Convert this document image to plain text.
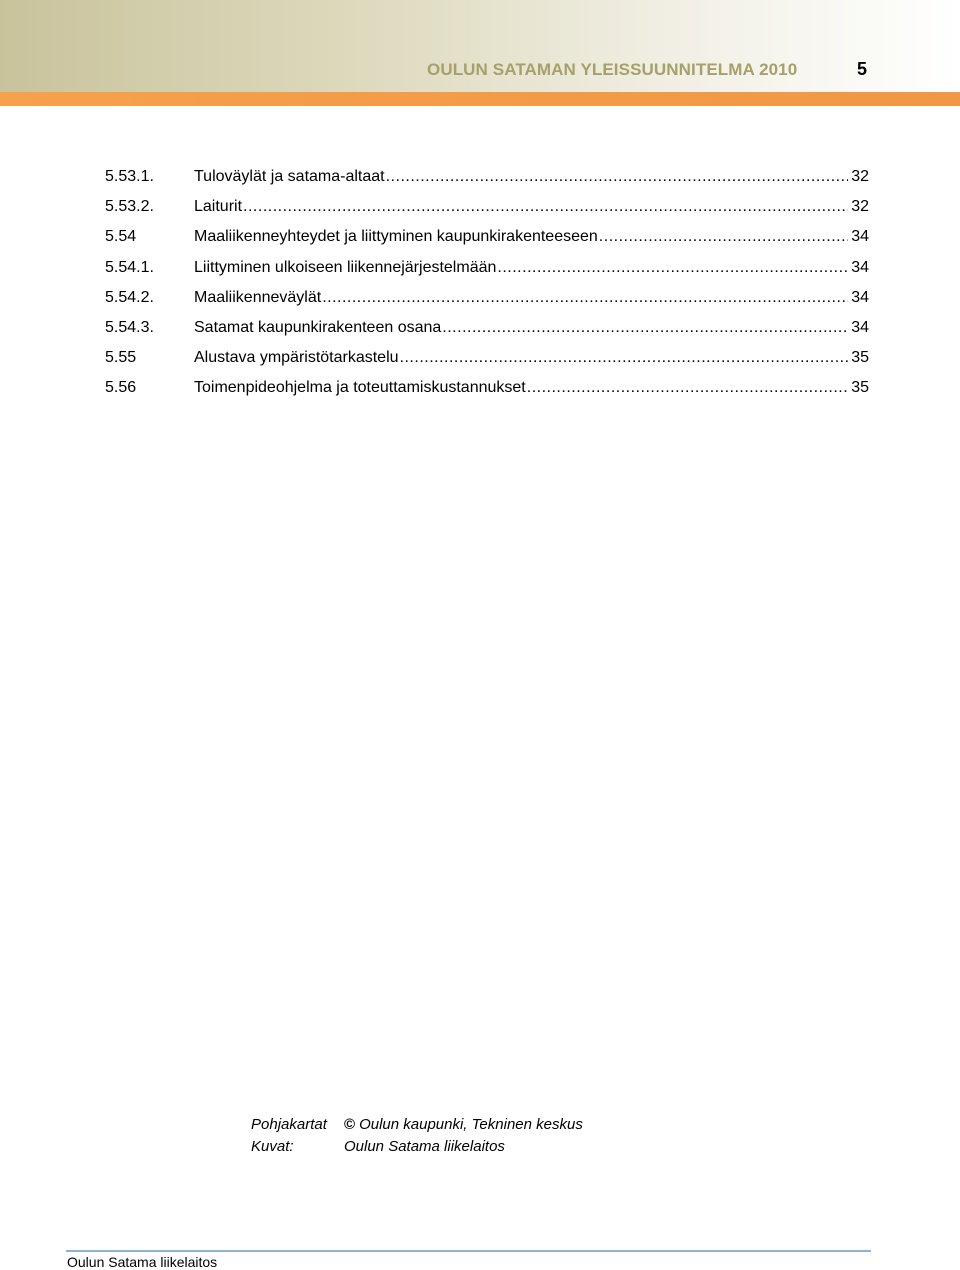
OULUN SATAMAN YLEISSUUNNITELMA 2010	5
5.53.1.	Tuloväylät ja satama-altaat .....	32
5.53.2.	Laiturit .....	32
5.54	Maaliikenneyhteydet ja liittyminen kaupunkirakenteeseen .....	34
5.54.1.	Liittyminen ulkoiseen liikennejärjestelmään .....	34
5.54.2.	Maaliikenneväylät .....	34
5.54.3.	Satamat kaupunkirakenteen osana .....	34
5.55	Alustava ympäristötarkastelu .....	35
5.56	Toimenpideohjelma ja toteuttamiskustannukset .....	35
Pohjakartat	© Oulun kaupunki, Tekninen keskus
Kuvat:	Oulun Satama liikelaitos
Oulun Satama liikelaitos
